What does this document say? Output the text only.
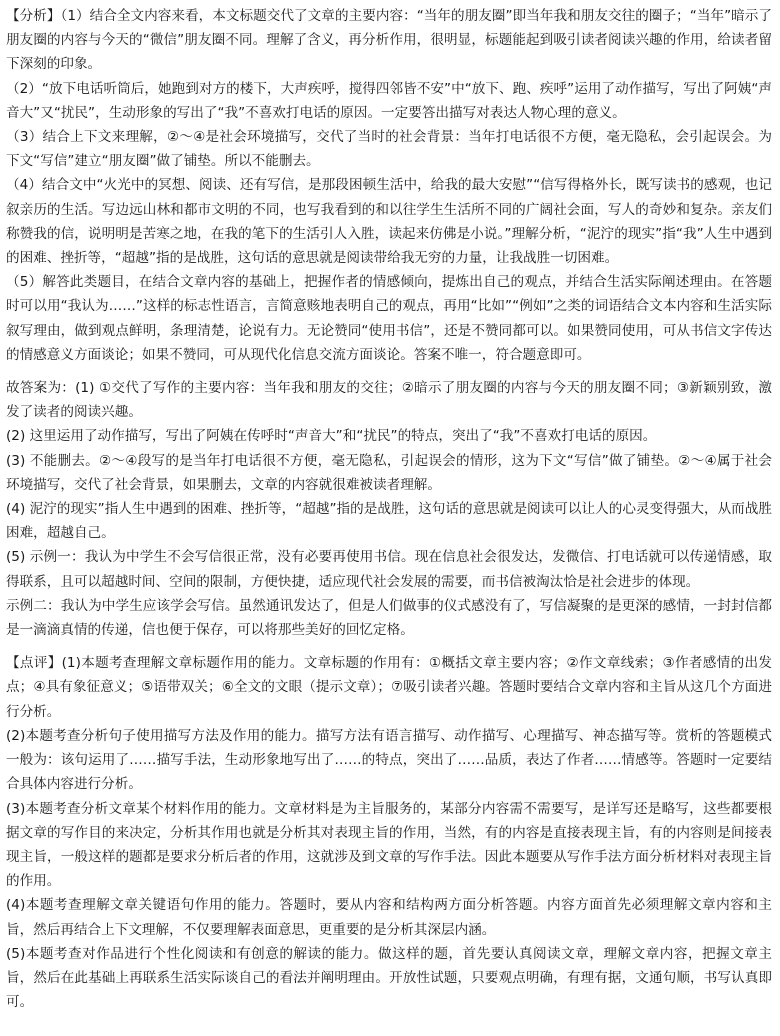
【分析】（1）结合全文内容来看，本文标题交代了文章的主要内容：“当年的朋友圈”即当年我和朋友交往的圈子；“当年”暗示了朋友圈的内容与今天的“微信”朋友圈不同。理解了含义，再分析作用，很明显，标题能起到吸引读者阅读兴趣的作用，给读者留下深刻的印象。

（2）“放下电话听筒后，她跑到对方的楼下，大声疾呼，搅得四邻皆不安”中“放下、跑、疾呼”运用了动作描写，写出了阿姨“声音大”又“扰民”，生动形象的写出了“我”不喜欢打电话的原因。一定要答出描写对表达人物心理的意义。

（3）结合上下文来理解，②～④是社会环境描写，交代了当时的社会背景：当年打电话很不方便，毫无隐私，会引起误会。为下文“写信”建立“朋友圈”做了铺垫。所以不能删去。

（4）结合文中“火光中的冥想、阅读、还有写信，是那段困顿生活中，给我的最大安慰”“信写得格外长，既写读书的感观，也记叙亲历的生活。写边远山林和都市文明的不同，也写我看到的和以往学生生活所不同的广阔社会面，写人的奇妙和复杂。亲友们称赞我的信，说明明是苦寒之地，在我的笔下的生活引人入胜，读起来仿佛是小说。”理解分析，“泥泞的现实”指“我”人生中遇到的困难、挫折等，“超越”指的是战胜，这句话的意思就是阅读带给我无穷的力量，让我战胜一切困难。

（5）解答此类题目，在结合文章内容的基础上，把握作者的情感倾向，提炼出自己的观点，并结合生活实际阐述理由。在答题时可以用“我认为……”这样的标志性语言，言简意赅地表明自己的观点，再用“比如”“例如”之类的词语结合文本内容和生活实际叙写理由，做到观点鲜明，条理清楚，论说有力。无论赞同“使用书信”，还是不赞同都可以。如果赞同使用，可从书信文字传达的情感意义方面谈论；如果不赞同，可从现代化信息交流方面谈论。答案不唯一，符合题意即可。

故答案为：(1) ①交代了写作的主要内容：当年我和朋友的交往；②暗示了朋友圈的内容与今天的朋友圈不同；③新颖别致，激发了读者的阅读兴趣。

(2) 这里运用了动作描写，写出了阿姨在传呼时“声音大”和“扰民”的特点，突出了“我”不喜欢打电话的原因。

(3) 不能删去。②～④段写的是当年打电话很不方便，毫无隐私，引起误会的情形，这为下文“写信”做了铺垫。②～④属于社会环境描写，交代了社会背景，如果删去，文章的内容就很难被读者理解。

(4) 泥泞的现实”指人生中遇到的困难、挫折等，“超越”指的是战胜，这句话的意思就是阅读可以让人的心灵变得强大，从而战胜困难，超越自己。

(5) 示例一：我认为中学生不会写信很正常，没有必要再使用书信。现在信息社会很发达，发微信、打电话就可以传递情感，取得联系，且可以超越时间、空间的限制，方便快捷，适应现代社会发展的需要，而书信被淘汰恰是社会进步的体现。

示例二：我认为中学生应该学会写信。虽然通讯发达了，但是人们做事的仪式感没有了，写信凝聚的是更深的感情，一封封信都是一滴滴真情的传递，信也便于保存，可以将那些美好的回忆定格。

【点评】(1)本题考查理解文章标题作用的能力。文章标题的作用有：①概括文章主要内容；②作文章线索；③作者感情的出发点；④具有象征意义；⑤语带双关；⑥全文的文眼（提示文章）；⑦吸引读者兴趣。答题时要结合文章内容和主旨从这几个方面进行分析。

(2)本题考查分析句子使用描写方法及作用的能力。描写方法有语言描写、动作描写、心理描写、神态描写等。赏析的答题模式一般为：该句运用了……描写手法，生动形象地写出了……的特点，突出了……品质，表达了作者……情感等。答题时一定要结合具体内容进行分析。

(3)本题考查分析文章某个材料作用的能力。文章材料是为主旨服务的，某部分内容需不需要写，是详写还是略写，这些都要根据文章的写作目的来决定，分析其作用也就是分析其对表现主旨的作用，当然，有的内容是直接表现主旨，有的内容则是间接表现主旨，一般这样的题都是要求分析后者的作用，这就涉及到文章的写作手法。因此本题要从写作手法方面分析材料对表现主旨的作用。

(4)本题考查理解文章关键语句作用的能力。答题时，要从内容和结构两方面分析答题。内容方面首先必须理解文章内容和主旨，然后再结合上下文理解，不仅要理解表面意思，更重要的是分析其深层内涵。

(5)本题考查对作品进行个性化阅读和有创意的解读的能力。做这样的题，首先要认真阅读文章，理解文章内容，把握文章主旨，然后在此基础上再联系生活实际谈自己的看法并阐明理由。开放性试题，只要观点明确，有理有据，文通句顺，书写认真即可。
